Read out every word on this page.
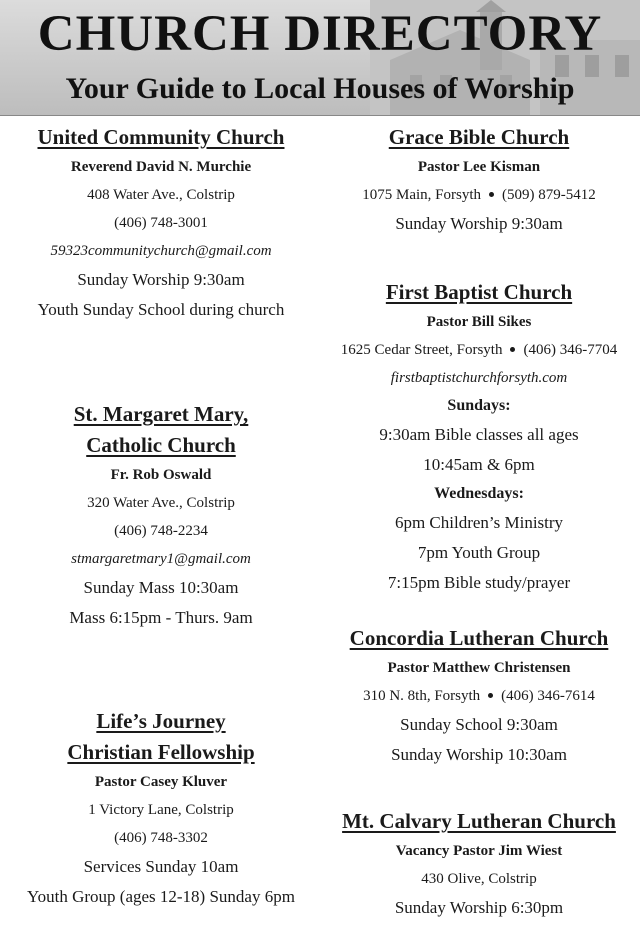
CHURCH DIRECTORY
Your Guide to Local Houses of Worship
United Community Church
Reverend David N. Murchie
408 Water Ave., Colstrip
(406) 748-3001
59323communitychurch@gmail.com
Sunday Worship 9:30am
Youth Sunday School during church
St. Margaret Mary,
Catholic Church
Fr. Rob Oswald
320 Water Ave., Colstrip
(406) 748-2234
stmargaretmary1@gmail.com
Sunday Mass 10:30am
Mass 6:15pm - Thurs. 9am
Life’s Journey
Christian Fellowship
Pastor Casey Kluver
1 Victory Lane, Colstrip
(406) 748-3302
Services Sunday 10am
Youth Group (ages 12-18) Sunday 6pm
Grace Bible Church
Pastor Lee Kisman
1075 Main, Forsyth (509) 879-5412
Sunday Worship 9:30am
First Baptist Church
Pastor Bill Sikes
1625 Cedar Street, Forsyth (406) 346-7704
firstbaptistchurchforsyth.com
Sundays:
9:30am Bible classes all ages
10:45am & 6pm
Wednesdays:
6pm Children’s Ministry
7pm Youth Group
7:15pm Bible study/prayer
Concordia Lutheran Church
Pastor Matthew Christensen
310 N. 8th, Forsyth (406) 346-7614
Sunday School 9:30am
Sunday Worship 10:30am
Mt. Calvary Lutheran Church
Vacancy Pastor Jim Wiest
430 Olive, Colstrip
Sunday Worship 6:30pm
